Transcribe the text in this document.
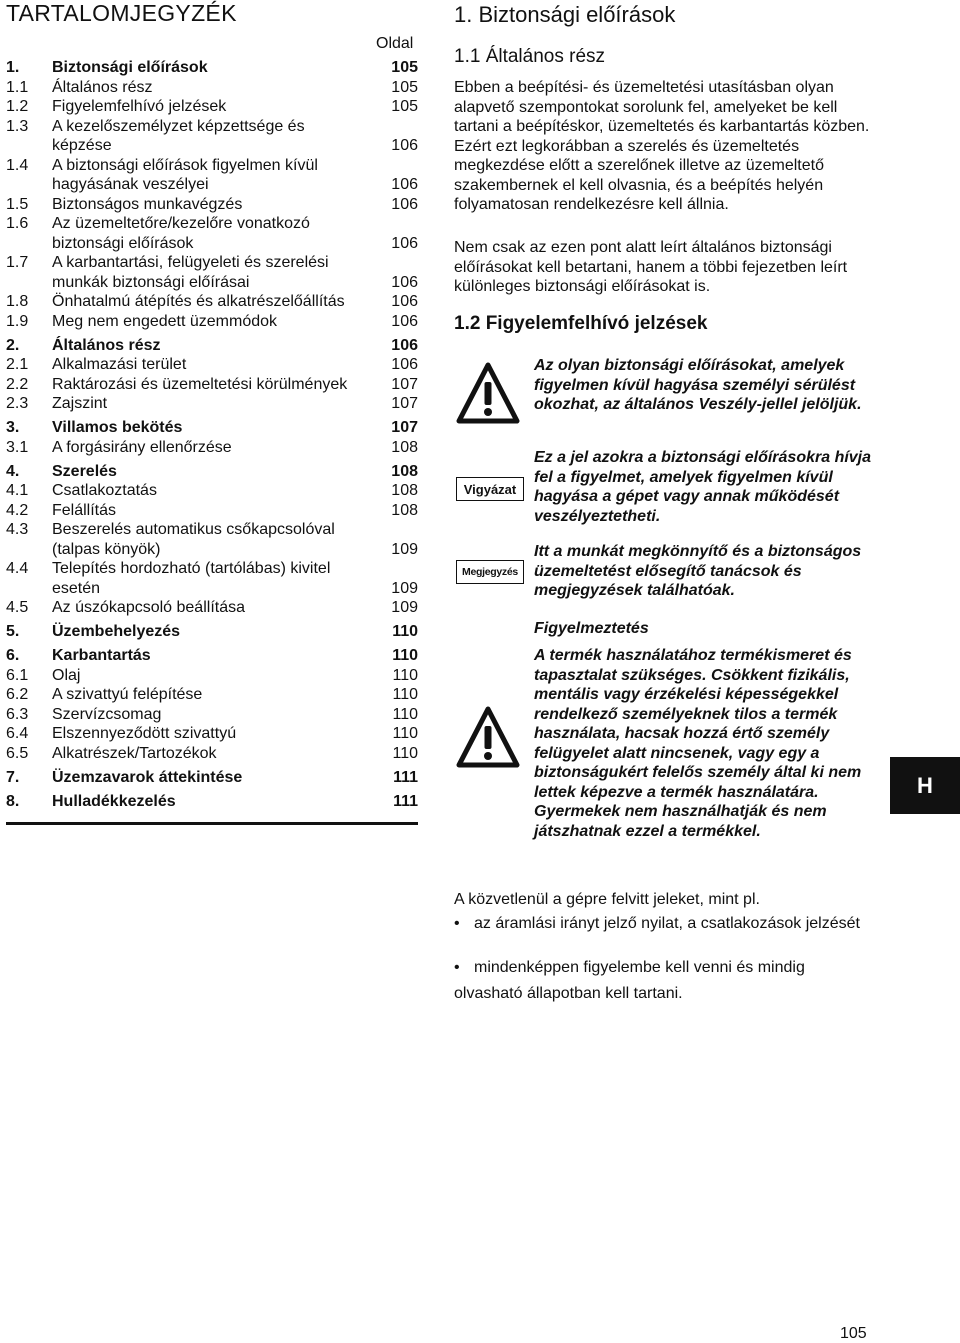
TARTALOMJEGYZÉK
Oldal
1. Biztonsági előírások	105
1.1 Általános rész	105
1.2 Figyelemfelhívó jelzések	105
1.3 A kezelőszemélyzet képzettsége és
képzése	106
1.4 A biztonsági előírások figyelmen kívül
hagyásának veszélyei	106
1.5 Biztonságos munkavégzés	106
1.6 Az üzemeltetőre/kezelőre vonatkozó
biztonsági előírások	106
1.7 A karbantartási, felügyeleti és szerelési
munkák biztonsági előírásai	106
1.8 Önhatalmú átépítés és alkatrészelőállítás	106
1.9 Meg nem engedett üzemmódok	106
2. Általános rész	106
2.1 Alkalmazási terület	106
2.2 Raktározási és üzemeltetési körülmények	107
2.3 Zajszint	107
3. Villamos bekötés	107
3.1 A forgásirány ellenőrzése	108
4. Szerelés	108
4.1 Csatlakoztatás	108
4.2 Felállítás	108
4.3 Beszerelés automatikus csőkapcsolóval
(talpas könyök)	109
4.4 Telepítés hordozható (tartólábas) kivitel
esetén	109
4.5 Az úszókapcsoló beállítása	109
5. Üzembehelyezés	110
6. Karbantartás	110
6.1 Olaj	110
6.2 A szivattyú felépítése	110
6.3 Szervízcsomag	110
6.4 Elszennyeződött szivattyú	110
6.5 Alkatrészek/Tartozékok	110
7. Üzemzavarok áttekintése	111
8. Hulladékkezelés	111
1. Biztonsági előírások
1.1 Általános rész

Ebben a beépítési- és üzemeltetési utasításban olyan alapvető szempontokat sorolunk fel, amelyeket be kell tartani a beépítéskor, üzemeltetés és karbantartás közben. Ezért ezt legkorábban a szerelés és üzemeltetés megkezdése előtt a szerelőnek illetve az üzemeltető szakembernek el kell olvasnia, és a beépítés helyén folyamatosan rendelkezésre kell állnia.

Nem csak az ezen pont alatt leírt általános biztonsági előírásokat kell betartani, hanem a többi fejezetben leírt különleges biztonsági előírásokat is.

1.2 Figyelemfelhívó jelzések

Az olyan biztonsági előírásokat, amelyek figyelmen kívül hagyása személyi sérülést okozhat, az általános Veszély-jellel jelöljük.

Vigyázat

Ez a jel azokra a biztonsági előírásokra hívja fel a figyelmet, amelyek figyelmen kívül hagyása a gépet vagy annak működését veszélyeztetheti.

Megjegyzés

Itt a munkát megkönnyítő és a biztonságos üzemeltetést elősegítő tanácsok és megjegyzések találhatóak.

Figyelmeztetés

A termék használatához termékismeret és tapasztalat szükséges. Csökkent fizikális, mentális vagy érzékelési képességekkel rendelkező személyeknek tilos a termék használata, hacsak hozzá értő személy felügyelet alatt nincsenek, vagy egy a biztonságukért felelős személy által ki nem lettek képezve a termék használatára. Gyermekek nem használhatják és nem játszhatnak ezzel a termékkel.

A közvetlenül a gépre felvitt jeleket, mint pl.

• az áramlási irányt jelző nyilat, a csatlakozások jelzését
• mindenképpen figyelembe kell venni és mindig

olvasható állapotban kell tartani.

H
105
